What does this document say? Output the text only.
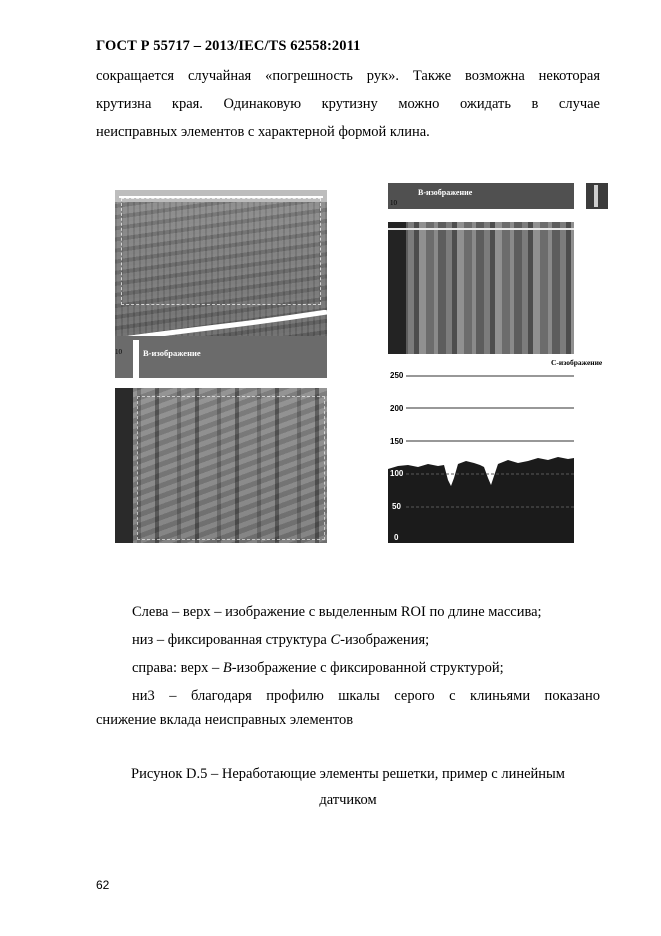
ГОСТ Р 55717 – 2013/IEC/TS 62558:2011
сокращается случайная «погрешность рук». Также возможна некоторая
крутизна края. Одинаковую крутизну можно ожидать в случае
неисправных элементов с характерной формой клина.
B-изображение
10
B-изображение
10
C-изображение
250
200
150
100
50
0
Слева – верх – изображение с выделенным ROI по длине массива;
низ – фиксированная структура C-изображения;
справа: верх – B-изображение с фиксированной структурой;
ни3 – благодаря профилю шкалы серого с клиньями показано
снижение вклада неисправных элементов
Рисунок D.5 – Неработающие элементы решетки, пример с линейным
датчиком
62
